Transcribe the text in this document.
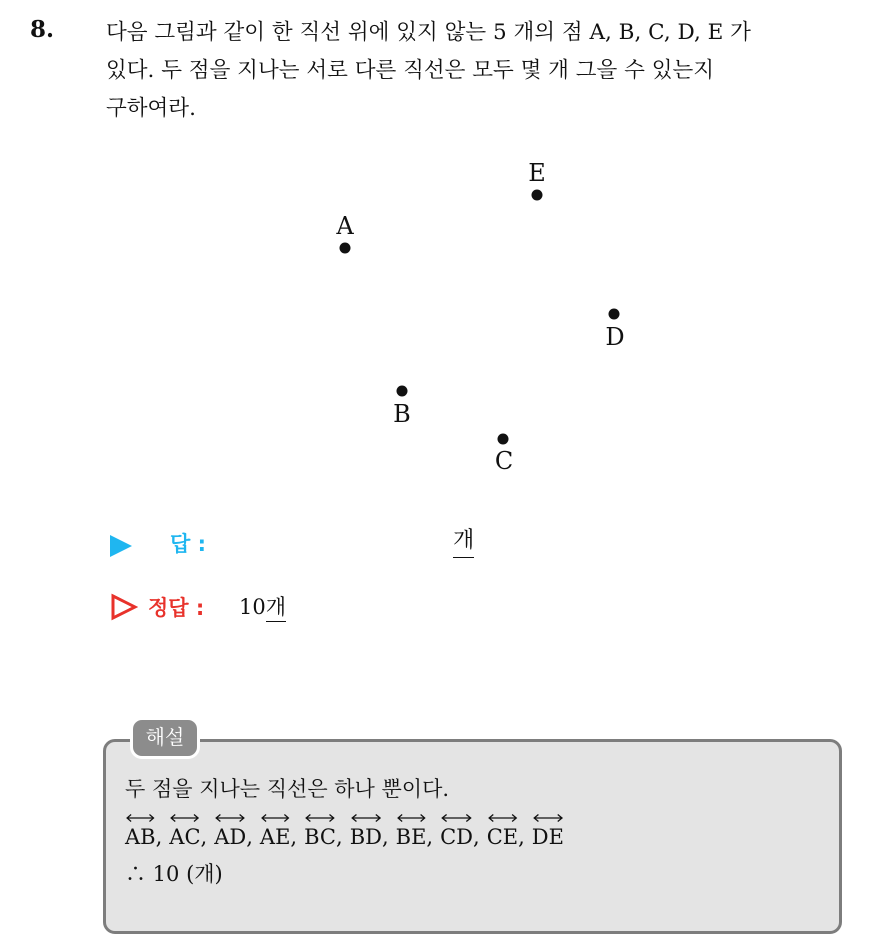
8. 다음 그림과 같이 한 직선 위에 있지 않는 5 개의 점 A, B, C, D, E 가
있다. 두 점을 지나는 서로 다른 직선은 모두 몇 개 그을 수 있는지
구하여라.
A
B
C
D
E
답 :	개
정답 : 10개
해설
두 점을 지나는 직선은 하나 뿐이다.
AB
, AC
, AD
, AE
, BC
, BD
, BE
, CD
, CE
, DE
∴ 10 (개)
